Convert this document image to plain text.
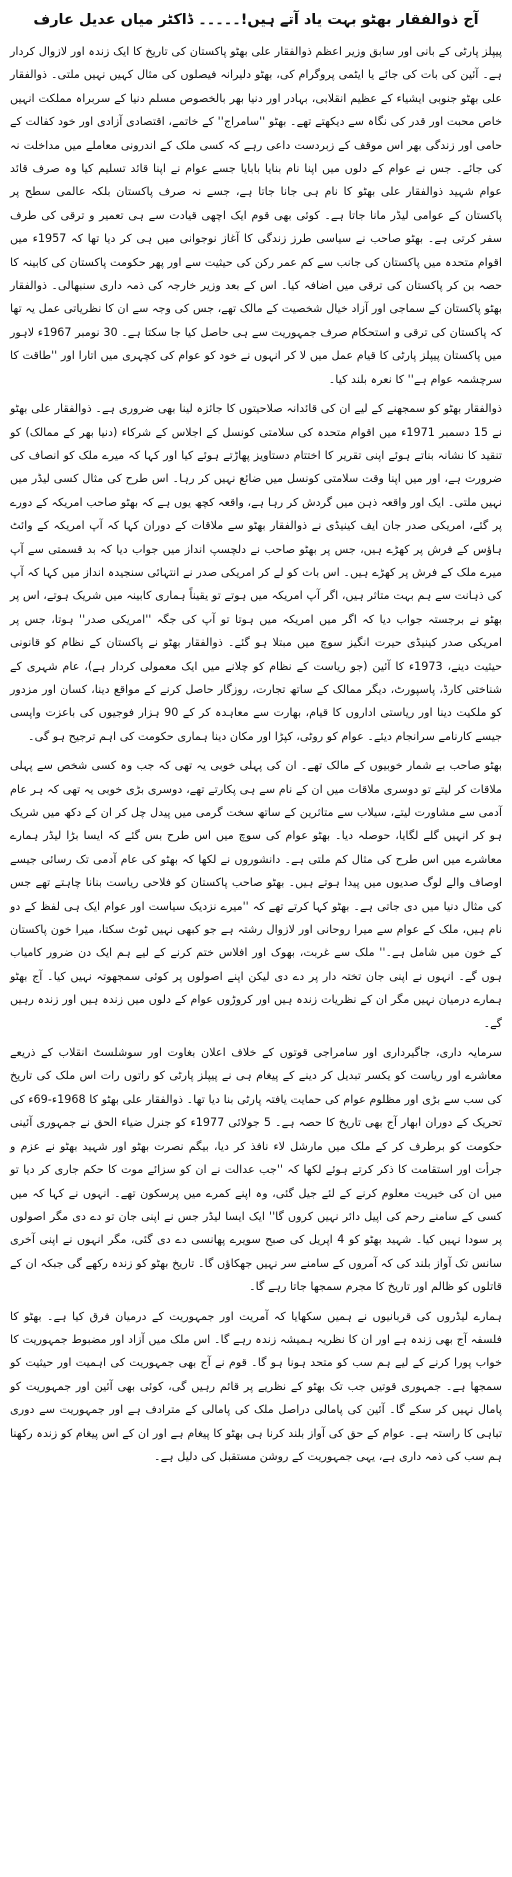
آج ذوالفقار بھٹو بہت یاد آتے ہیں!۔۔۔۔۔ ڈاکٹر میاں عدیل عارف

پیپلز پارٹی کے بانی اور سابق وزیر اعظم ذوالفقار علی بھٹو پاکستان کی تاریخ کا ایک زندہ اور لازوال کردار ہے۔ آئین کی بات کی جائے یا ایٹمی پروگرام کی، بھٹو دلیرانہ فیصلوں کی مثال کہیں نہیں ملتی۔ ذوالفقار علی بھٹو جنوبی ایشیاء کے عظیم انقلابی، بہادر اور دنیا بھر بالخصوص مسلم دنیا کے سربراہ مملکت انہیں خاص محبت اور قدر کی نگاہ سے دیکھتے تھے۔ بھٹو ''سامراج'' کے خاتمے، اقتصادی آزادی اور خود کفالت کے حامی اور زندگی بھر اس موقف کے زبردست داعی رہے کہ کسی ملک کے اندرونی معاملے میں مداخلت نہ کی جائے۔ جس نے عوام کے دلوں میں اپنا نام بنایا بابایا جسے عوام نے اپنا قائد تسلیم کیا وہ صرف قائد عوام شہید ذوالفقار علی بھٹو کا نام ہی جانا جاتا ہے، جسے نہ صرف پاکستان بلکہ عالمی سطح پر پاکستان کے عوامی لیڈر مانا جاتا ہے۔ کوئی بھی قوم ایک اچھی قیادت سے ہی تعمیر و ترقی کی طرف سفر کرتی ہے۔ بھٹو صاحب نے سیاسی طرز زندگی کا آغاز نوجوانی میں ہی کر دیا تھا کہ 1957ء میں اقوام متحدہ میں پاکستان کی جانب سے کم عمر رکن کی حیثیت سے اور پھر حکومت پاکستان کی کابینہ کا حصہ بن کر پاکستان کی ترقی میں اضافہ کیا۔ اس کے بعد وزیر خارجہ کی ذمہ داری سنبھالی۔ ذوالفقار بھٹو پاکستان کے سماجی اور آزاد خیال شخصیت کے مالک تھے، جس کی وجہ سے ان کا نظریاتی عمل یہ تھا کہ پاکستان کی ترقی و استحکام صرف جمہوریت سے ہی حاصل کیا جا سکتا ہے۔ 30 نومبر 1967ء لاہور میں پاکستان پیپلز پارٹی کا قیام عمل میں لا کر انہوں نے خود کو عوام کی کچہری میں اتارا اور ''طاقت کا سرچشمہ عوام ہے'' کا نعرہ بلند کیا۔

ذوالفقار بھٹو کو سمجھنے کے لیے ان کی قائدانہ صلاحیتوں کا جائزہ لینا بھی ضروری ہے۔ ذوالفقار علی بھٹو نے 15 دسمبر 1971ء میں اقوام متحدہ کی سلامتی کونسل کے اجلاس کے شرکاء (دنیا بھر کے ممالک) کو تنقید کا نشانہ بناتے ہوئے اپنی تقریر کا اختتام دستاویز پھاڑتے ہوئے کیا اور کہا کہ میرے ملک کو انصاف کی ضرورت ہے، اور میں اپنا وقت سلامتی کونسل میں ضائع نہیں کر رہا۔ اس طرح کی مثال کسی لیڈر میں نہیں ملتی۔ ایک اور واقعہ ذہن میں گردش کر رہا ہے، واقعہ کچھ یوں ہے کہ بھٹو صاحب امریکہ کے دورے پر گئے، امریکی صدر جان ایف کینیڈی نے ذوالفقار بھٹو سے ملاقات کے دوران کہا کہ آپ امریکہ کے وائٹ ہاؤس کے فرش پر کھڑے ہیں، جس پر بھٹو صاحب نے دلچسپ انداز میں جواب دیا کہ بد قسمتی سے آپ میرے ملک کے فرش پر کھڑے ہیں۔ اس بات کو لے کر امریکی صدر نے انتہائی سنجیدہ انداز میں کہا کہ آپ کی ذہانت سے ہم بہت متاثر ہیں، اگر آپ امریکہ میں ہوتے تو یقیناً ہماری کابینہ میں شریک ہوتے، اس پر بھٹو نے برجستہ جواب دیا کہ اگر میں امریکہ میں ہوتا تو آپ کی جگہ ''امریکی صدر'' ہوتا، جس پر امریکی صدر کینیڈی حیرت انگیز سوچ میں مبتلا ہو گئے۔ ذوالفقار بھٹو نے پاکستان کے نظام کو قانونی حیثیت دینے، 1973ء کا آئین (جو ریاست کے نظام کو چلانے میں ایک معمولی کردار ہے)، عام شہری کے شناختی کارڈ، پاسپورٹ، دیگر ممالک کے ساتھ تجارت، روزگار حاصل کرنے کے مواقع دینا، کسان اور مزدور کو ملکیت دینا اور ریاستی اداروں کا قیام، بھارت سے معاہدہ کر کے 90 ہزار فوجیوں کی باعزت واپسی جیسے کارنامے سرانجام دیئے۔ عوام کو روٹی، کپڑا اور مکان دینا ہماری حکومت کی اہم ترجیح ہو گی۔

بھٹو صاحب بے شمار خوبیوں کے مالک تھے۔ ان کی پہلی خوبی یہ تھی کہ جب وہ کسی شخص سے پہلی ملاقات کر لیتے تو دوسری ملاقات میں ان کے نام سے ہی پکارتے تھے، دوسری بڑی خوبی یہ تھی کہ ہر عام آدمی سے مشاورت لیتے، سیلاب سے متاثرین کے ساتھ سخت گرمی میں پیدل چل کر ان کے دکھ میں شریک ہو کر انہیں گلے لگایا، حوصلہ دیا۔ بھٹو عوام کی سوچ میں اس طرح بس گئے کہ ایسا بڑا لیڈر ہمارے معاشرے میں اس طرح کی مثال کم ملتی ہے۔ دانشوروں نے لکھا کہ بھٹو کی عام آدمی تک رسائی جیسے اوصاف والے لوگ صدیوں میں پیدا ہوتے ہیں۔ بھٹو صاحب پاکستان کو فلاحی ریاست بنانا چاہتے تھے جس کی مثال دنیا میں دی جاتی ہے۔ بھٹو کہا کرتے تھے کہ ''میرے نزدیک سیاست اور عوام ایک ہی لفظ کے دو نام ہیں، ملک کے عوام سے میرا روحانی اور لازوال رشتہ ہے جو کبھی نہیں ٹوٹ سکتا، میرا خون پاکستان کے خون میں شامل ہے۔'' ملک سے غربت، بھوک اور افلاس ختم کرنے کے لیے ہم ایک دن ضرور کامیاب ہوں گے۔ انہوں نے اپنی جان تختہ دار پر دے دی لیکن اپنے اصولوں پر کوئی سمجھوتہ نہیں کیا۔ آج بھٹو ہمارے درمیان نہیں مگر ان کے نظریات زندہ ہیں اور کروڑوں عوام کے دلوں میں زندہ ہیں اور زندہ رہیں گے۔

سرمایہ داری، جاگیرداری اور سامراجی قوتوں کے خلاف اعلان بغاوت اور سوشلسٹ انقلاب کے ذریعے معاشرے اور ریاست کو یکسر تبدیل کر دینے کے پیغام ہی نے پیپلز پارٹی کو راتوں رات اس ملک کی تاریخ کی سب سے بڑی اور مظلوم عوام کی حمایت یافتہ پارٹی بنا دیا تھا۔ ذوالفقار علی بھٹو کا 1968ء-69ء کی تحریک کے دوران ابھار آج بھی تاریخ کا حصہ ہے۔ 5 جولائی 1977ء کو جنرل ضیاء الحق نے جمہوری آئینی حکومت کو برطرف کر کے ملک میں مارشل لاء نافذ کر دیا، بیگم نصرت بھٹو اور شہید بھٹو نے عزم و جرأت اور استقامت کا ذکر کرتے ہوئے لکھا کہ ''جب عدالت نے ان کو سزائے موت کا حکم جاری کر دیا تو میں ان کی خیریت معلوم کرنے کے لئے جیل گئی، وہ اپنے کمرے میں پرسکون تھے۔ انہوں نے کہا کہ میں کسی کے سامنے رحم کی اپیل دائر نہیں کروں گا'' ایک ایسا لیڈر جس نے اپنی جان تو دے دی مگر اصولوں پر سودا نہیں کیا۔ شہید بھٹو کو 4 اپریل کی صبح سویرے پھانسی دے دی گئی، مگر انہوں نے اپنی آخری سانس تک آواز بلند کی کہ آمروں کے سامنے سر نہیں جھکاؤں گا۔ تاریخ بھٹو کو زندہ رکھے گی جبکہ ان کے قاتلوں کو ظالم اور تاریخ کا مجرم سمجھا جاتا رہے گا۔

ہمارے لیڈروں کی قربانیوں نے ہمیں سکھایا کہ آمریت اور جمہوریت کے درمیان فرق کیا ہے۔ بھٹو کا فلسفہ آج بھی زندہ ہے اور ان کا نظریہ ہمیشہ زندہ رہے گا۔ اس ملک میں آزاد اور مضبوط جمہوریت کا خواب پورا کرنے کے لیے ہم سب کو متحد ہونا ہو گا۔ قوم نے آج بھی جمہوریت کی اہمیت اور حیثیت کو سمجھا ہے۔ جمہوری قوتیں جب تک بھٹو کے نظریے پر قائم رہیں گی، کوئی بھی آئین اور جمہوریت کو پامال نہیں کر سکے گا۔ آئین کی پامالی دراصل ملک کی پامالی کے مترادف ہے اور جمہوریت سے دوری تباہی کا راستہ ہے۔ عوام کے حق کی آواز بلند کرنا ہی بھٹو کا پیغام ہے اور ان کے اس پیغام کو زندہ رکھنا ہم سب کی ذمہ داری ہے، یہی جمہوریت کے روشن مستقبل کی دلیل ہے۔
